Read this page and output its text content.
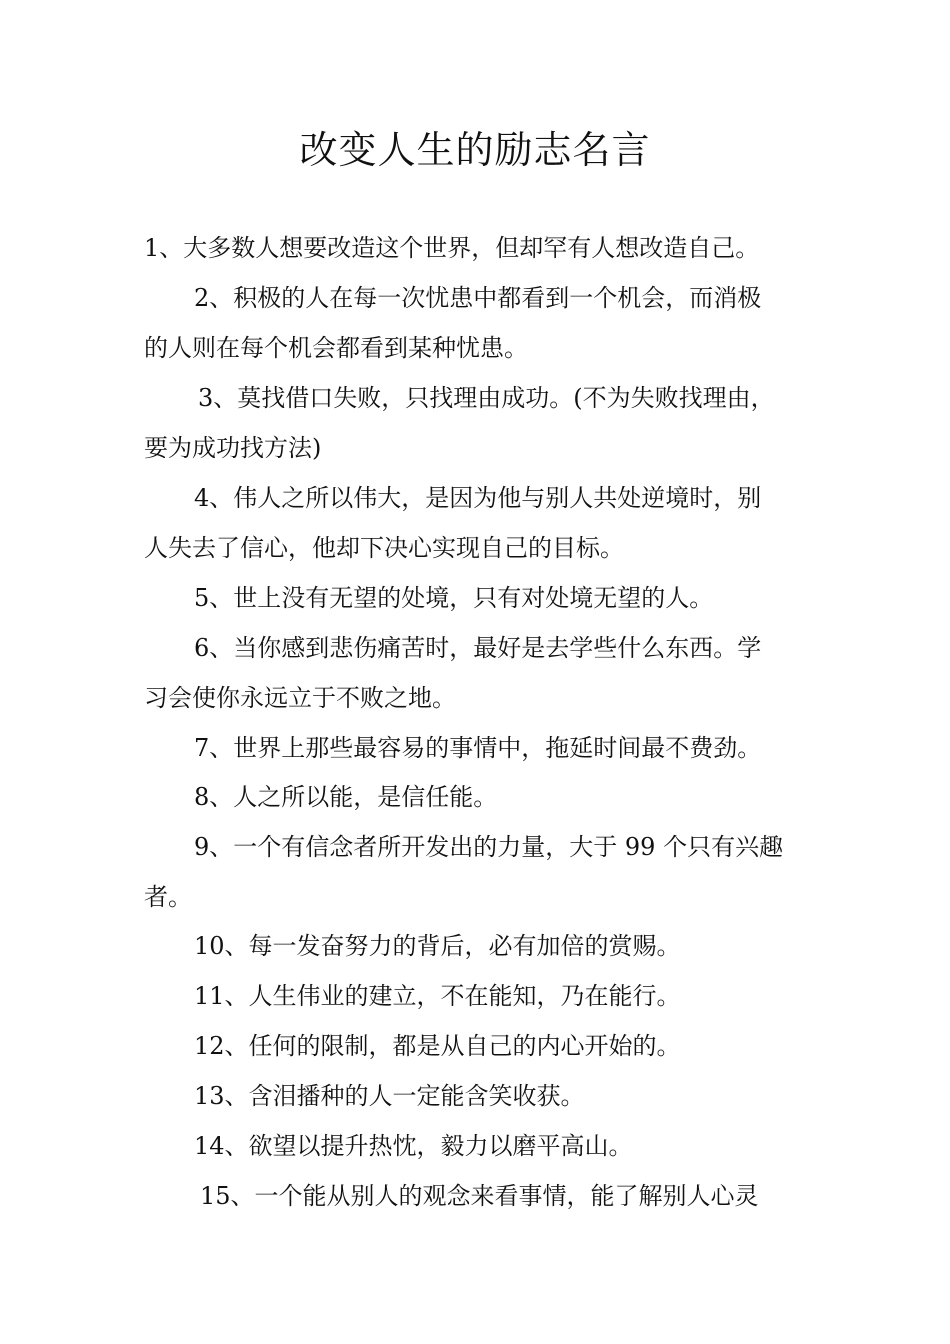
改变人生的励志名言
1、大多数人想要改造这个世界，但却罕有人想改造自己。
2、积极的人在每一次忧患中都看到一个机会，而消极
的人则在每个机会都看到某种忧患。
3、莫找借口失败，只找理由成功。(不为失败找理由，
要为成功找方法)
4、伟人之所以伟大，是因为他与别人共处逆境时，别
人失去了信心，他却下决心实现自己的目标。
5、世上没有无望的处境，只有对处境无望的人。
6、当你感到悲伤痛苦时，最好是去学些什么东西。学
习会使你永远立于不败之地。
7、世界上那些最容易的事情中，拖延时间最不费劲。
8、人之所以能，是信任能。
9、一个有信念者所开发出的力量，大于 99 个只有兴趣
者。
10、每一发奋努力的背后，必有加倍的赏赐。
11、人生伟业的建立，不在能知，乃在能行。
12、任何的限制，都是从自己的内心开始的。
13、含泪播种的人一定能含笑收获。
14、欲望以提升热忱，毅力以磨平高山。
15、一个能从别人的观念来看事情，能了解别人心灵
